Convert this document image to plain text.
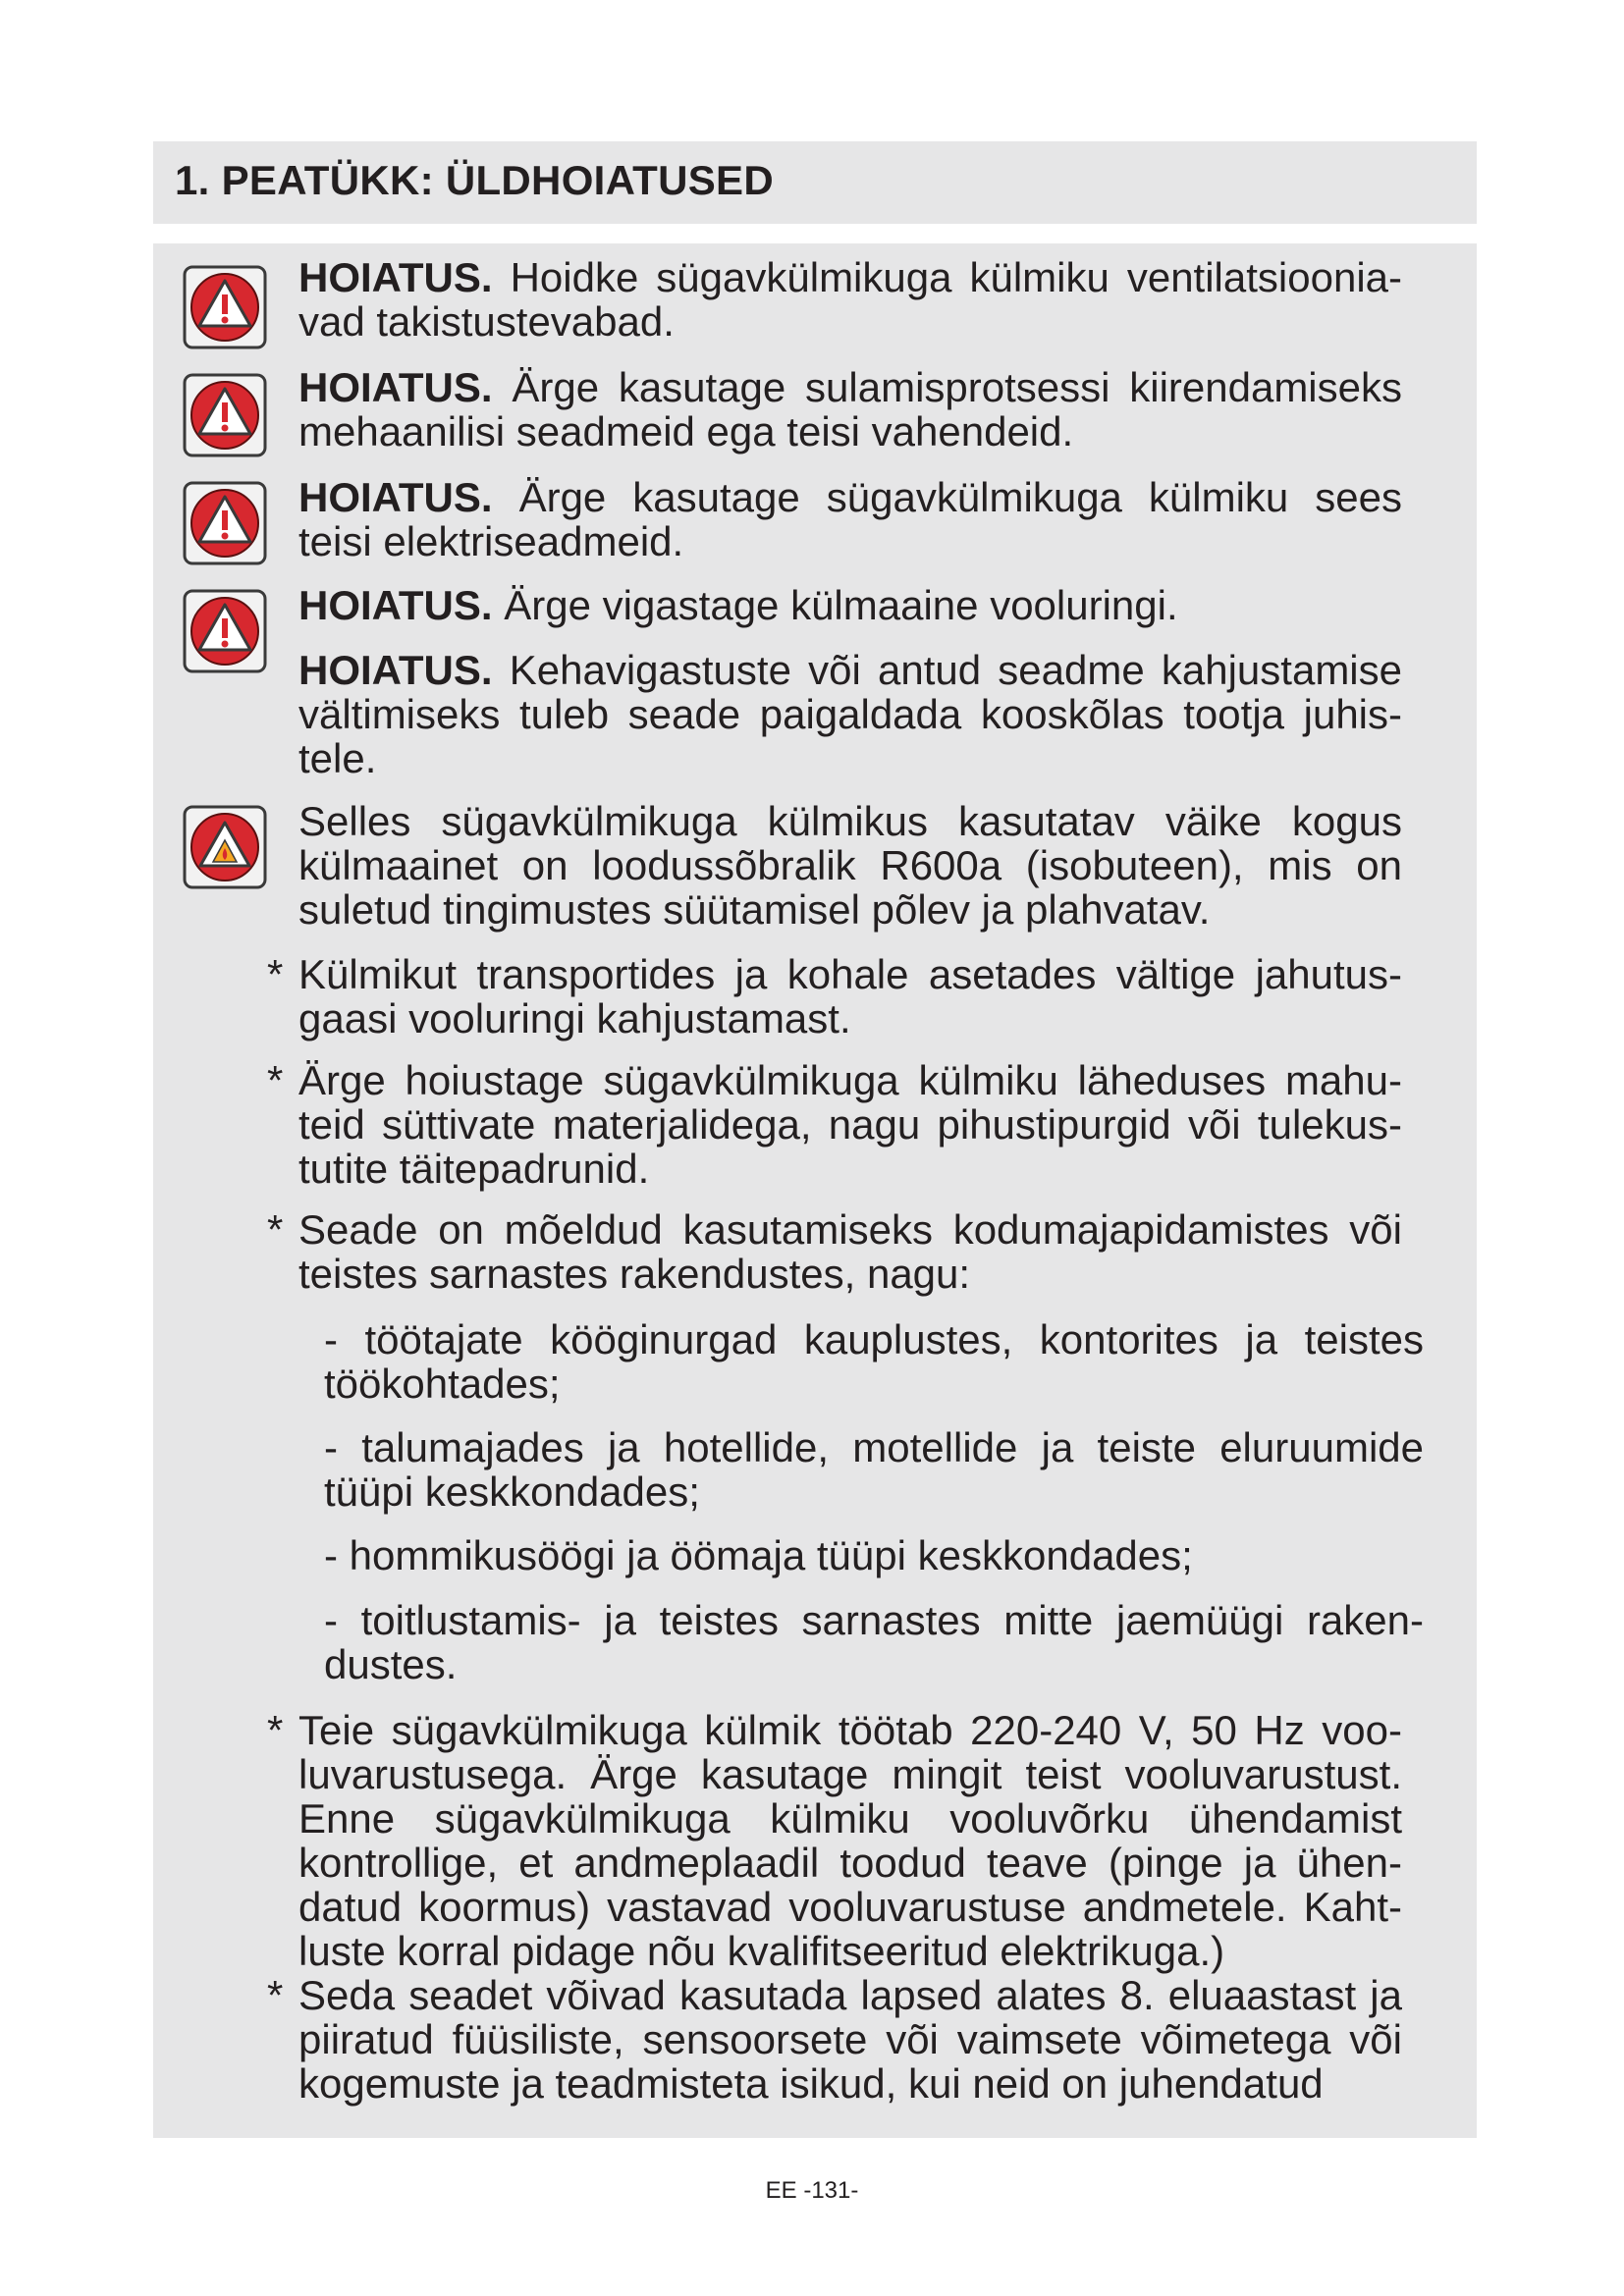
1. PEATÜKK: ÜLDHOIATUSED
HOIATUS. Hoidke sügavkülmikuga külmiku ventilatsioonia-vad takistustevabad.
HOIATUS. Ärge kasutage sulamisprotsessi kiirendamiseks mehaanilisi seadmeid ega teisi vahendeid.
HOIATUS. Ärge kasutage sügavkülmikuga külmiku sees teisi elektriseadmeid.
HOIATUS. Ärge vigastage külmaaine vooluringi.
HOIATUS. Kehavigastuste või antud seadme kahjustamise vältimiseks tuleb seade paigaldada kooskõlas tootja juhis-tele.
Selles sügavkülmikuga külmikus kasutatav väike kogus külmaainet on loodussõbralik R600a (isobuteen), mis on suletud tingimustes süütamisel põlev ja plahvatav.
* Külmikut transportides ja kohale asetades vältige jahutus-gaasi vooluringi kahjustamast.
* Ärge hoiustage sügavkülmikuga külmiku läheduses mahu-teid süttivate materjalidega, nagu pihustipurgid või tulekus-tutite täitepadrunid.
* Seade on mõeldud kasutamiseks kodumajapidamistes või teistes sarnastes rakendustes, nagu:
- töötajate kööginurgad kauplustes, kontorites ja teistes töökohtades;
- talumajades ja hotellide, motellide ja teiste eluruumide tüüpi keskkondades;
- hommikusöögi ja öömaja tüüpi keskkondades;
- toitlustamis- ja teistes sarnastes mitte jaemüügi raken-dustes.
* Teie sügavkülmikuga külmik töötab 220-240 V, 50 Hz voo-luvarustusega. Ärge kasutage mingit teist vooluvarustust. Enne sügavkülmikuga külmiku vooluvõrku ühendamist kontrollige, et andmeplaadil toodud teave (pinge ja ühen-datud koormus) vastavad vooluvarustuse andmetele. Kaht-luste korral pidage nõu kvalifitseeritud elektrikuga.)
* Seda seadet võivad kasutada lapsed alates 8. eluaastast ja piiratud füüsiliste, sensoorsete või vaimsete võimetega või kogemuste ja teadmisteta isikud, kui neid on juhendatud
EE -131-
